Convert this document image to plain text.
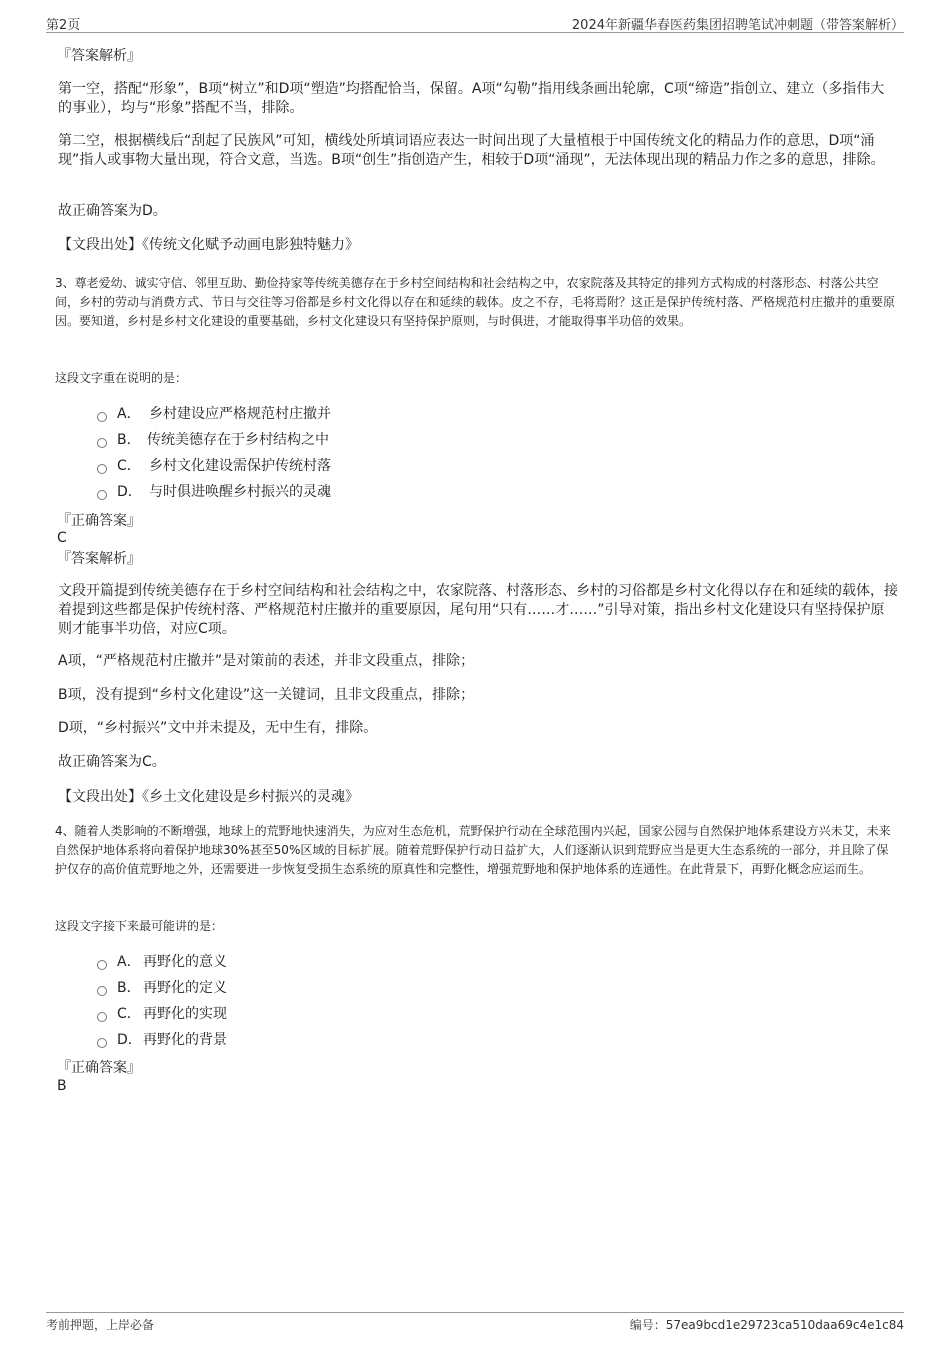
第2页	2024年新疆华春医药集团招聘笔试冲刺题（带答案解析）

『答案解析』

第一空，搭配“形象”，B项“树立”和D项“塑造”均搭配恰当，保留。A项“勾勒”指用线条画出轮廓，C项“缔造”指创立、建立（多指伟大的事业），均与“形象”搭配不当，排除。

第二空，根据横线后“刮起了民族风”可知，横线处所填词语应表达一时间出现了大量植根于中国传统文化的精品力作的意思，D项“涌现”指人或事物大量出现，符合文意，当选。B项“创生”指创造产生，相较于D项“涌现”，无法体现出现的精品力作之多的意思，排除。

故正确答案为D。

【文段出处】《传统文化赋予动画电影独特魅力》

3、尊老爱幼、诚实守信、邻里互助、勤俭持家等传统美德存在于乡村空间结构和社会结构之中，农家院落及其特定的排列方式构成的村落形态、村落公共空间，乡村的劳动与消费方式、节日与交往等习俗都是乡村文化得以存在和延续的载体。皮之不存，毛将焉附？这正是保护传统村落、严格规范村庄撤并的重要原因。要知道，乡村是乡村文化建设的重要基础，乡村文化建设只有坚持保护原则，与时俱进，才能取得事半功倍的效果。

这段文字重在说明的是：

A． 乡村建设应严格规范村庄撤并
B． 传统美德存在于乡村结构之中
C． 乡村文化建设需保护传统村落
D． 与时俱进唤醒乡村振兴的灵魂

『正确答案』

C

『答案解析』

文段开篇提到传统美德存在于乡村空间结构和社会结构之中，农家院落、村落形态、乡村的习俗都是乡村文化得以存在和延续的载体，接着提到这些都是保护传统村落、严格规范村庄撤并的重要原因，尾句用“只有……才……”引导对策，指出乡村文化建设只有坚持保护原则才能事半功倍，对应C项。

A项，“严格规范村庄撤并”是对策前的表述，并非文段重点，排除；

B项，没有提到“乡村文化建设”这一关键词，且非文段重点，排除；

D项，“乡村振兴”文中并未提及，无中生有，排除。

故正确答案为C。

【文段出处】《乡土文化建设是乡村振兴的灵魂》

4、随着人类影响的不断增强，地球上的荒野地快速消失，为应对生态危机，荒野保护行动在全球范围内兴起，国家公园与自然保护地体系建设方兴未艾，未来自然保护地体系将向着保护地球30%甚至50%区域的目标扩展。随着荒野保护行动日益扩大，人们逐渐认识到荒野应当是更大生态系统的一部分，并且除了保护仅存的高价值荒野地之外，还需要进一步恢复受损生态系统的原真性和完整性，增强荒野地和保护地体系的连通性。在此背景下，再野化概念应运而生。

这段文字接下来最可能讲的是：

A． 再野化的意义
B． 再野化的定义
C． 再野化的实现
D． 再野化的背景

『正确答案』

B

考前押题，上岸必备	编号：57ea9bcd1e29723ca510daa69c4e1c84
